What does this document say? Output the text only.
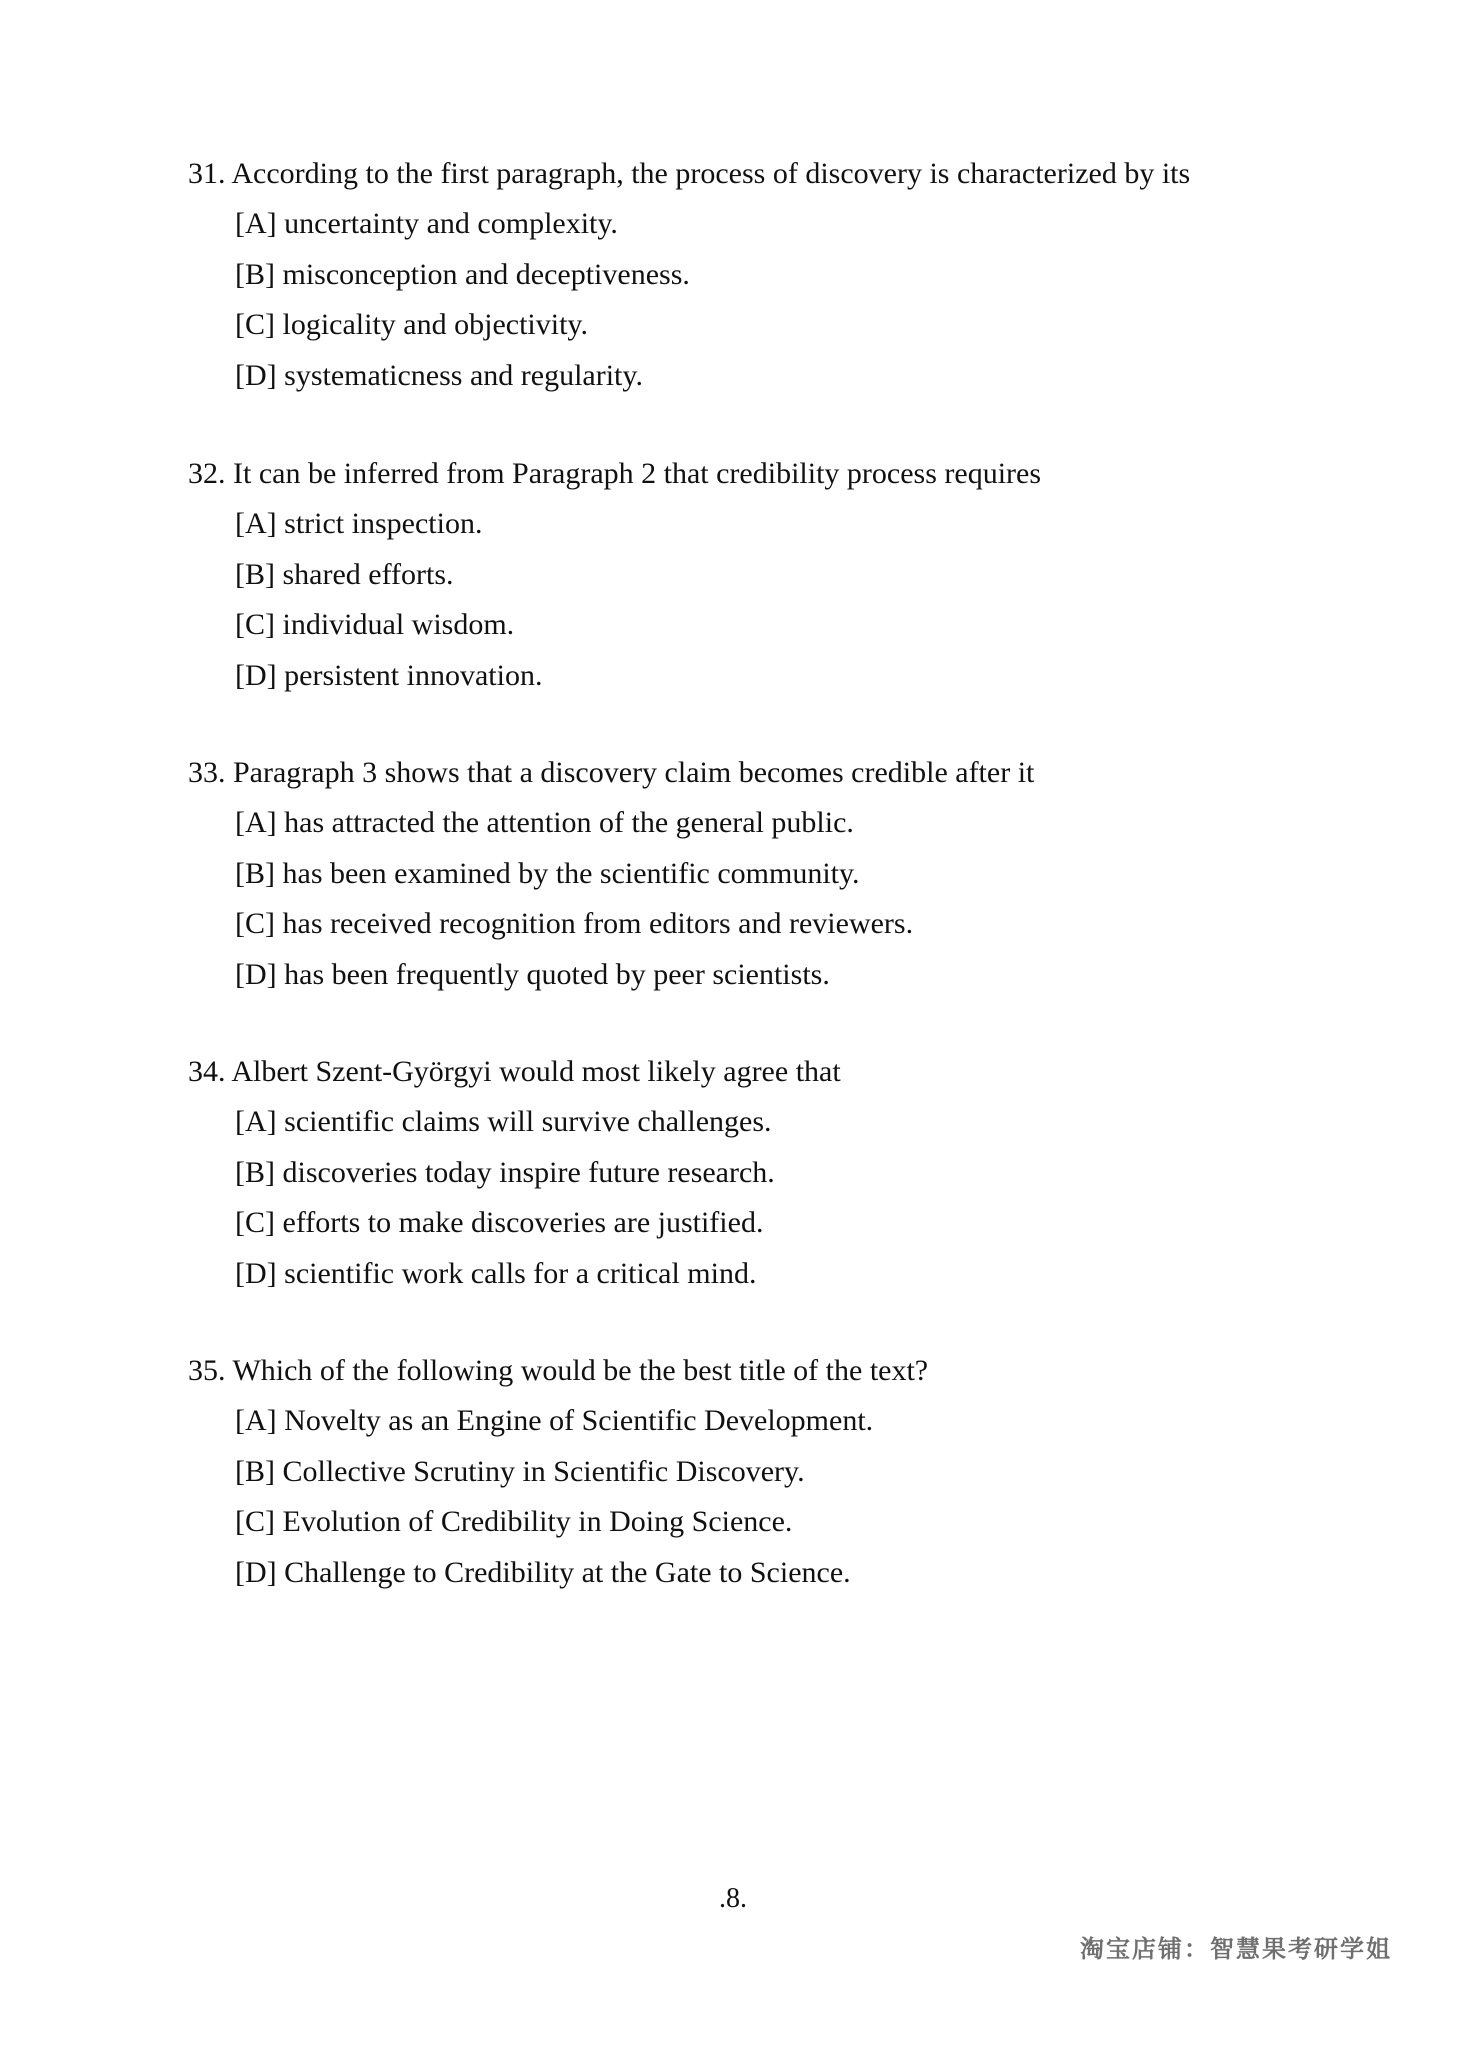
31. According to the first paragraph, the process of discovery is characterized by its
[A] uncertainty and complexity.
[B] misconception and deceptiveness.
[C] logicality and objectivity.
[D] systematicness and regularity.
32. It can be inferred from Paragraph 2 that credibility process requires
[A] strict inspection.
[B] shared efforts.
[C] individual wisdom.
[D] persistent innovation.
33. Paragraph 3 shows that a discovery claim becomes credible after it
[A] has attracted the attention of the general public.
[B] has been examined by the scientific community.
[C] has received recognition from editors and reviewers.
[D] has been frequently quoted by peer scientists.
34. Albert Szent-Györgyi would most likely agree that
[A] scientific claims will survive challenges.
[B] discoveries today inspire future research.
[C] efforts to make discoveries are justified.
[D] scientific work calls for a critical mind.
35. Which of the following would be the best title of the text?
[A] Novelty as an Engine of Scientific Development.
[B] Collective Scrutiny in Scientific Discovery.
[C] Evolution of Credibility in Doing Science.
[D] Challenge to Credibility at the Gate to Science.
.8.
淘宝店铺：智慧果考研学姐
